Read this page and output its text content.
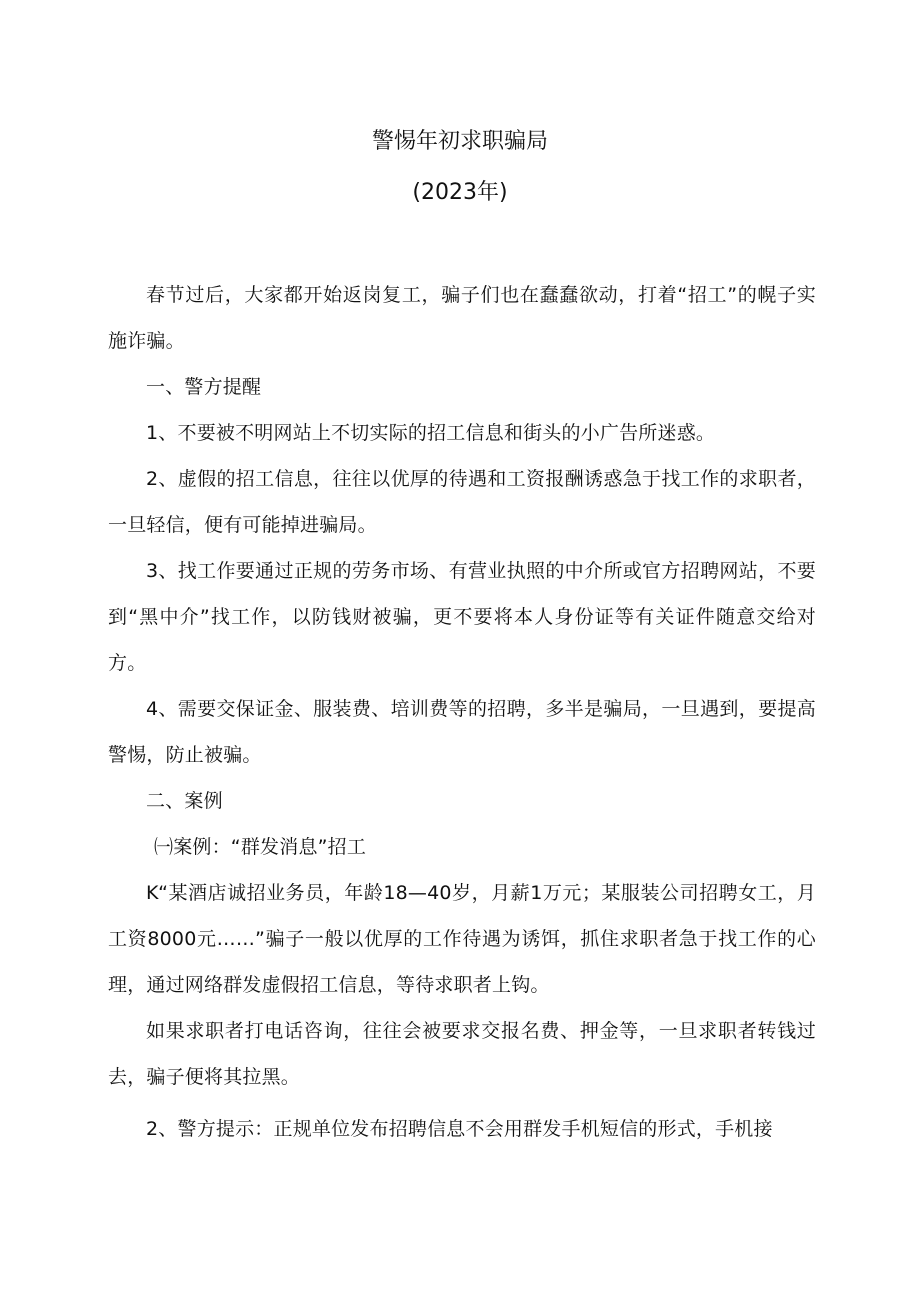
警惕年初求职骗局
(2023年)

春节过后，大家都开始返岗复工，骗子们也在蠢蠢欲动，打着“招工”的幌子实施诈骗。

一、警方提醒

1、不要被不明网站上不切实际的招工信息和街头的小广告所迷惑。

2、虚假的招工信息，往往以优厚的待遇和工资报酬诱惑急于找工作的求职者，一旦轻信，便有可能掉进骗局。

3、找工作要通过正规的劳务市场、有营业执照的中介所或官方招聘网站，不要到“黑中介”找工作，以防钱财被骗，更不要将本人身份证等有关证件随意交给对方。

4、需要交保证金、服装费、培训费等的招聘，多半是骗局，一旦遇到，要提高警惕，防止被骗。

二、案例

㈠案例：“群发消息”招工

K“某酒店诚招业务员，年龄18—40岁，月薪1万元；某服装公司招聘女工，月工资8000元……”骗子一般以优厚的工作待遇为诱饵，抓住求职者急于找工作的心理，通过网络群发虚假招工信息，等待求职者上钩。

如果求职者打电话咨询，往往会被要求交报名费、押金等，一旦求职者转钱过去，骗子便将其拉黑。

2、警方提示：正规单位发布招聘信息不会用群发手机短信的形式，手机接
